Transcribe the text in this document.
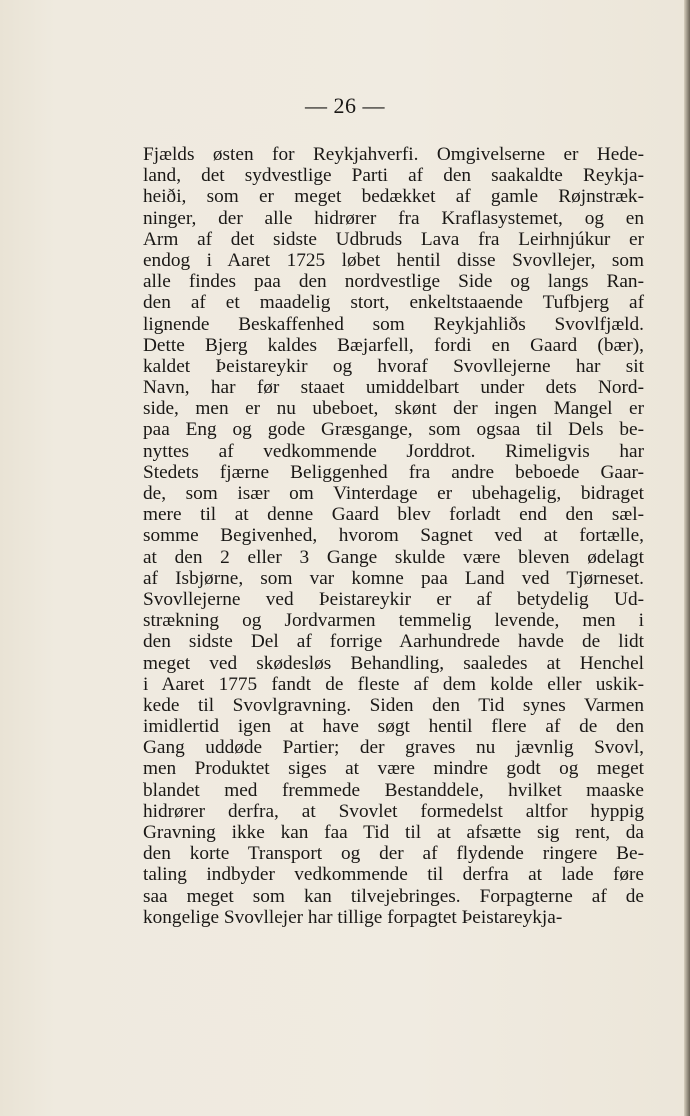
— 26 —
Fjælds østen for Reykjahverfi. Omgivelserne er Hede-
land, det sydvestlige Parti af den saakaldte Reykja-
heiði, som er meget bedækket af gamle Røjnstræk-
ninger, der alle hidrører fra Kraflasystemet, og en
Arm af det sidste Udbruds Lava fra Leirhnjúkur er
endog i Aaret 1725 løbet hentil disse Svovllejer, som
alle findes paa den nordvestlige Side og langs Ran-
den af et maadelig stort, enkeltstaaende Tufbjerg af
lignende Beskaffenhed som Reykjahliðs Svovlfjæld.
Dette Bjerg kaldes Bæjarfell, fordi en Gaard (bær),
kaldet Þeistareykir og hvoraf Svovllejerne har sit
Navn, har før staaet umiddelbart under dets Nord-
side, men er nu ubeboet, skønt der ingen Mangel er
paa Eng og gode Græsgange, som ogsaa til Dels be-
nyttes af vedkommende Jorddrot. Rimeligvis har
Stedets fjærne Beliggenhed fra andre beboede Gaar-
de, som især om Vinterdage er ubehagelig, bidraget
mere til at denne Gaard blev forladt end den sæl-
somme Begivenhed, hvorom Sagnet ved at fortælle,
at den 2 eller 3 Gange skulde være bleven ødelagt
af Isbjørne, som var komne paa Land ved Tjørneset.
Svovllejerne ved Þeistareykir er af betydelig Ud-
strækning og Jordvarmen temmelig levende, men i
den sidste Del af forrige Aarhundrede havde de lidt
meget ved skødesløs Behandling, saaledes at Henchel
i Aaret 1775 fandt de fleste af dem kolde eller uskik-
kede til Svovlgravning. Siden den Tid synes Varmen
imidlertid igen at have søgt hentil flere af de den
Gang uddøde Partier; der graves nu jævnlig Svovl,
men Produktet siges at være mindre godt og meget
blandet med fremmede Bestanddele, hvilket maaske
hidrører derfra, at Svovlet formedelst altfor hyppig
Gravning ikke kan faa Tid til at afsætte sig rent, da
den korte Transport og der af flydende ringere Be-
taling indbyder vedkommende til derfra at lade føre
saa meget som kan tilvejebringes. Forpagterne af de
kongelige Svovllejer har tillige forpagtet Þeistareykja-
